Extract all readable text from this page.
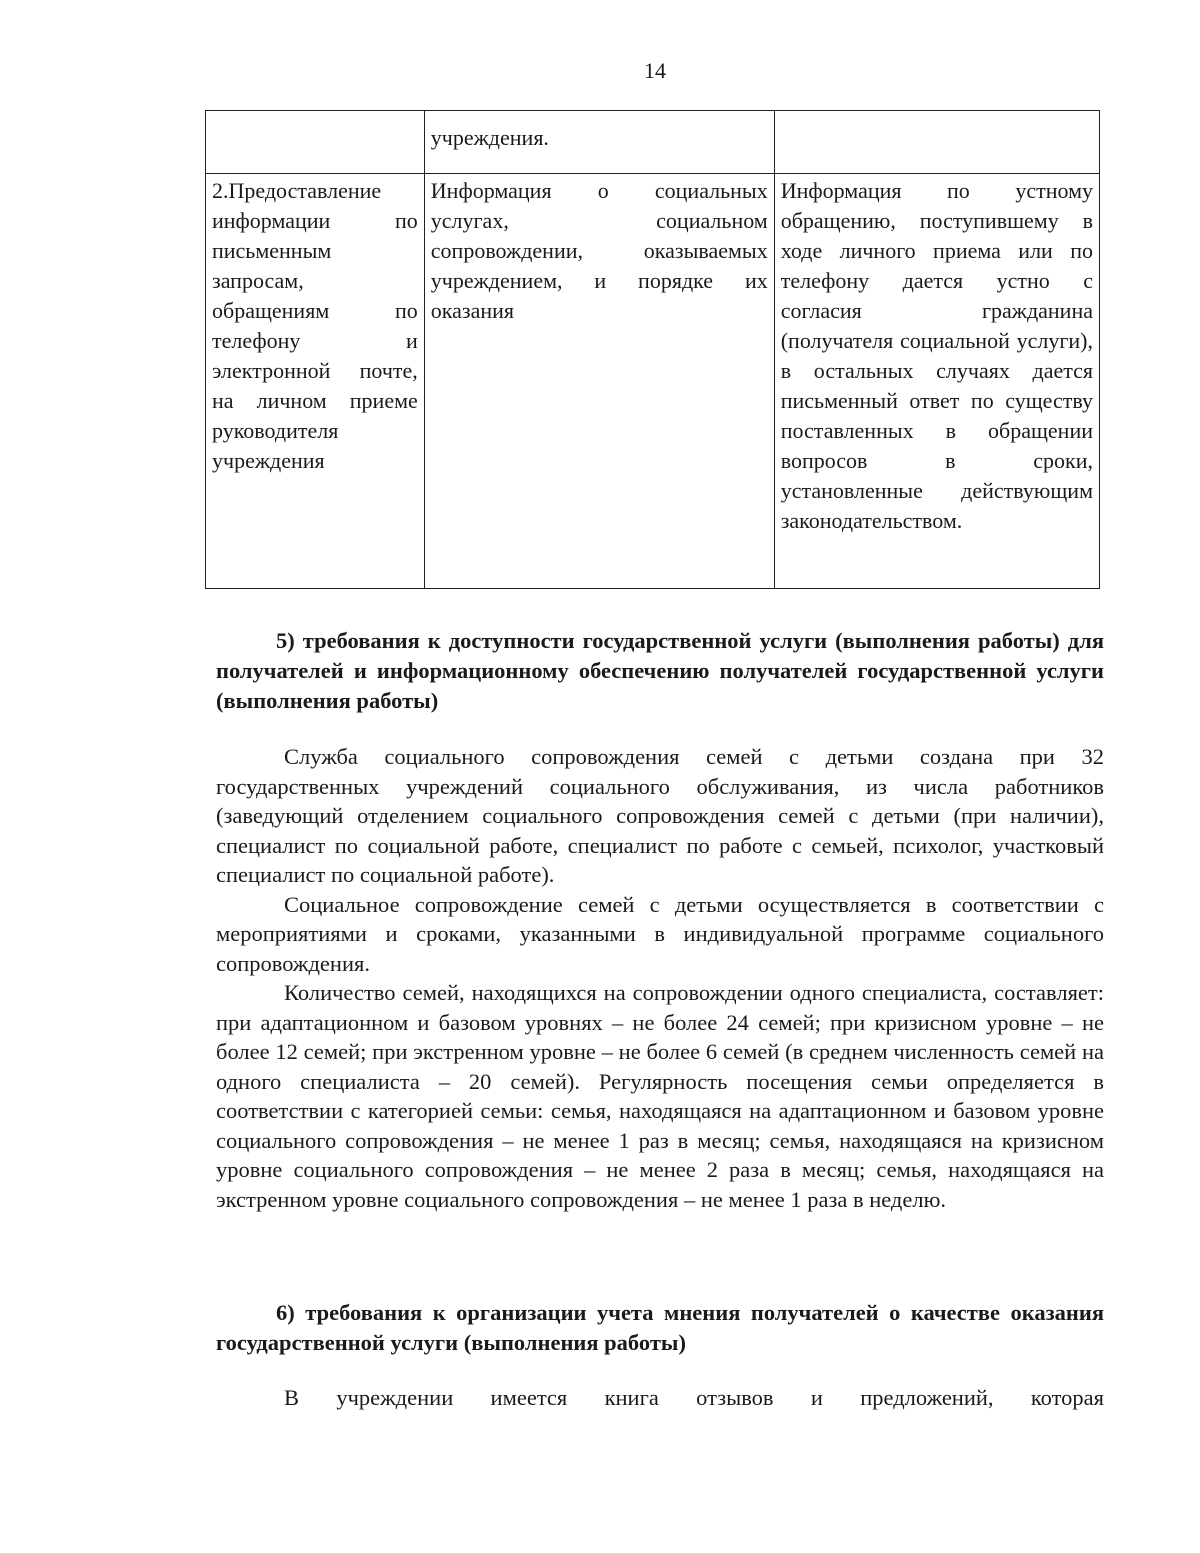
14
	учреждения.	
2.Предоставление информации по письменным запросам, обращениям по телефону и электронной почте, на личном приеме руководителя учреждения	Информация о социальных услугах, социальном сопровождении, оказываемых учреждением, и порядке их оказания	Информация по устному обращению, поступившему в ходе личного приема или по телефону дается устно с согласия гражданина (получателя социальной услуги), в остальных случаях дается письменный ответ по существу поставленных в обращении вопросов в сроки, установленные действующим законодательством.
5) требования к доступности государственной услуги (выполнения работы) для получателей и информационному обеспечению получателей государственной услуги (выполнения работы)

Служба социального сопровождения семей с детьми создана при 32 государственных учреждений социального обслуживания, из числа работников (заведующий отделением социального сопровождения семей с детьми (при наличии), специалист по социальной работе, специалист по работе с семьей, психолог, участковый специалист по социальной работе).

Социальное сопровождение семей с детьми осуществляется в соответствии с мероприятиями и сроками, указанными в индивидуальной программе социального сопровождения.

Количество семей, находящихся на сопровождении одного специалиста, составляет: при адаптационном и базовом уровнях – не более 24 семей; при кризисном уровне – не более 12 семей; при экстренном уровне – не более 6 семей (в среднем численность семей на одного специалиста – 20 семей). Регулярность посещения семьи определяется в соответствии с категорией семьи: семья, находящаяся на адаптационном и базовом уровне социального сопровождения – не менее 1 раз в месяц; семья, находящаяся на кризисном уровне социального сопровождения – не менее 2 раза в месяц; семья, находящаяся на экстренном уровне социального сопровождения – не менее 1 раза в неделю.

6) требования к организации учета мнения получателей о качестве оказания государственной услуги (выполнения работы)

В учреждении имеется книга отзывов и предложений, которая
